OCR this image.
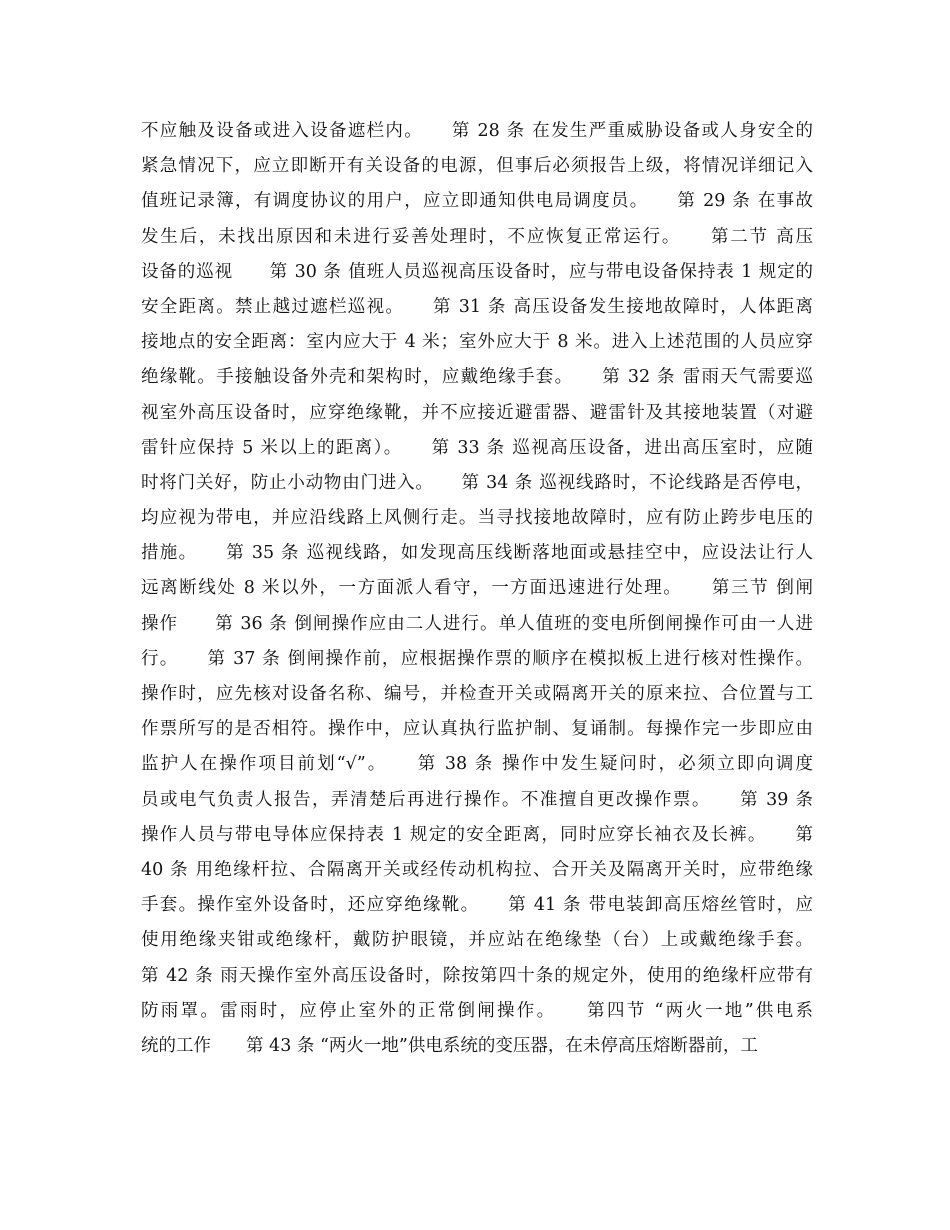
不应触及设备或进入设备遮栏内。　　第 28 条 在发生严重威胁设备或人身安全的
紧急情况下，应立即断开有关设备的电源，但事后必须报告上级，将情况详细记入
值班记录簿，有调度协议的用户，应立即通知供电局调度员。　　第 29 条 在事故
发生后，未找出原因和未进行妥善处理时，不应恢复正常运行。　　第二节 高压
设备的巡视　　第 30 条 值班人员巡视高压设备时，应与带电设备保持表 1 规定的
安全距离。禁止越过遮栏巡视。　　第 31 条 高压设备发生接地故障时，人体距离
接地点的安全距离：室内应大于 4 米；室外应大于 8 米。进入上述范围的人员应穿
绝缘靴。手接触设备外壳和架构时，应戴绝缘手套。　　第 32 条 雷雨天气需要巡
视室外高压设备时，应穿绝缘靴，并不应接近避雷器、避雷针及其接地装置（对避
雷针应保持 5 米以上的距离）。　　第 33 条 巡视高压设备，进出高压室时，应随
时将门关好，防止小动物由门进入。　　第 34 条 巡视线路时，不论线路是否停电，
均应视为带电，并应沿线路上风侧行走。当寻找接地故障时，应有防止跨步电压的
措施。　　第 35 条 巡视线路，如发现高压线断落地面或悬挂空中，应设法让行人
远离断线处 8 米以外，一方面派人看守，一方面迅速进行处理。　　第三节 倒闸
操作　　第 36 条 倒闸操作应由二人进行。单人值班的变电所倒闸操作可由一人进
行。　　第 37 条 倒闸操作前，应根据操作票的顺序在模拟板上进行核对性操作。
操作时，应先核对设备名称、编号，并检查开关或隔离开关的原来拉、合位置与工
作票所写的是否相符。操作中，应认真执行监护制、复诵制。每操作完一步即应由
监护人在操作项目前划“√”。　　第 38 条 操作中发生疑问时，必须立即向调度
员或电气负责人报告，弄清楚后再进行操作。不准擅自更改操作票。　　第 39 条
操作人员与带电导体应保持表 1 规定的安全距离，同时应穿长袖衣及长裤。　　第
40 条 用绝缘杆拉、合隔离开关或经传动机构拉、合开关及隔离开关时，应带绝缘
手套。操作室外设备时，还应穿绝缘靴。　　第 41 条 带电装卸高压熔丝管时，应
使用绝缘夹钳或绝缘杆，戴防护眼镜，并应站在绝缘垫（台）上或戴绝缘手套。
第 42 条 雨天操作室外高压设备时，除按第四十条的规定外，使用的绝缘杆应带有
防雨罩。雷雨时，应停止室外的正常倒闸操作。　　第四节 “两火一地”供电系
统的工作　　第 43 条 “两火一地”供电系统的变压器，在未停高压熔断器前，工
